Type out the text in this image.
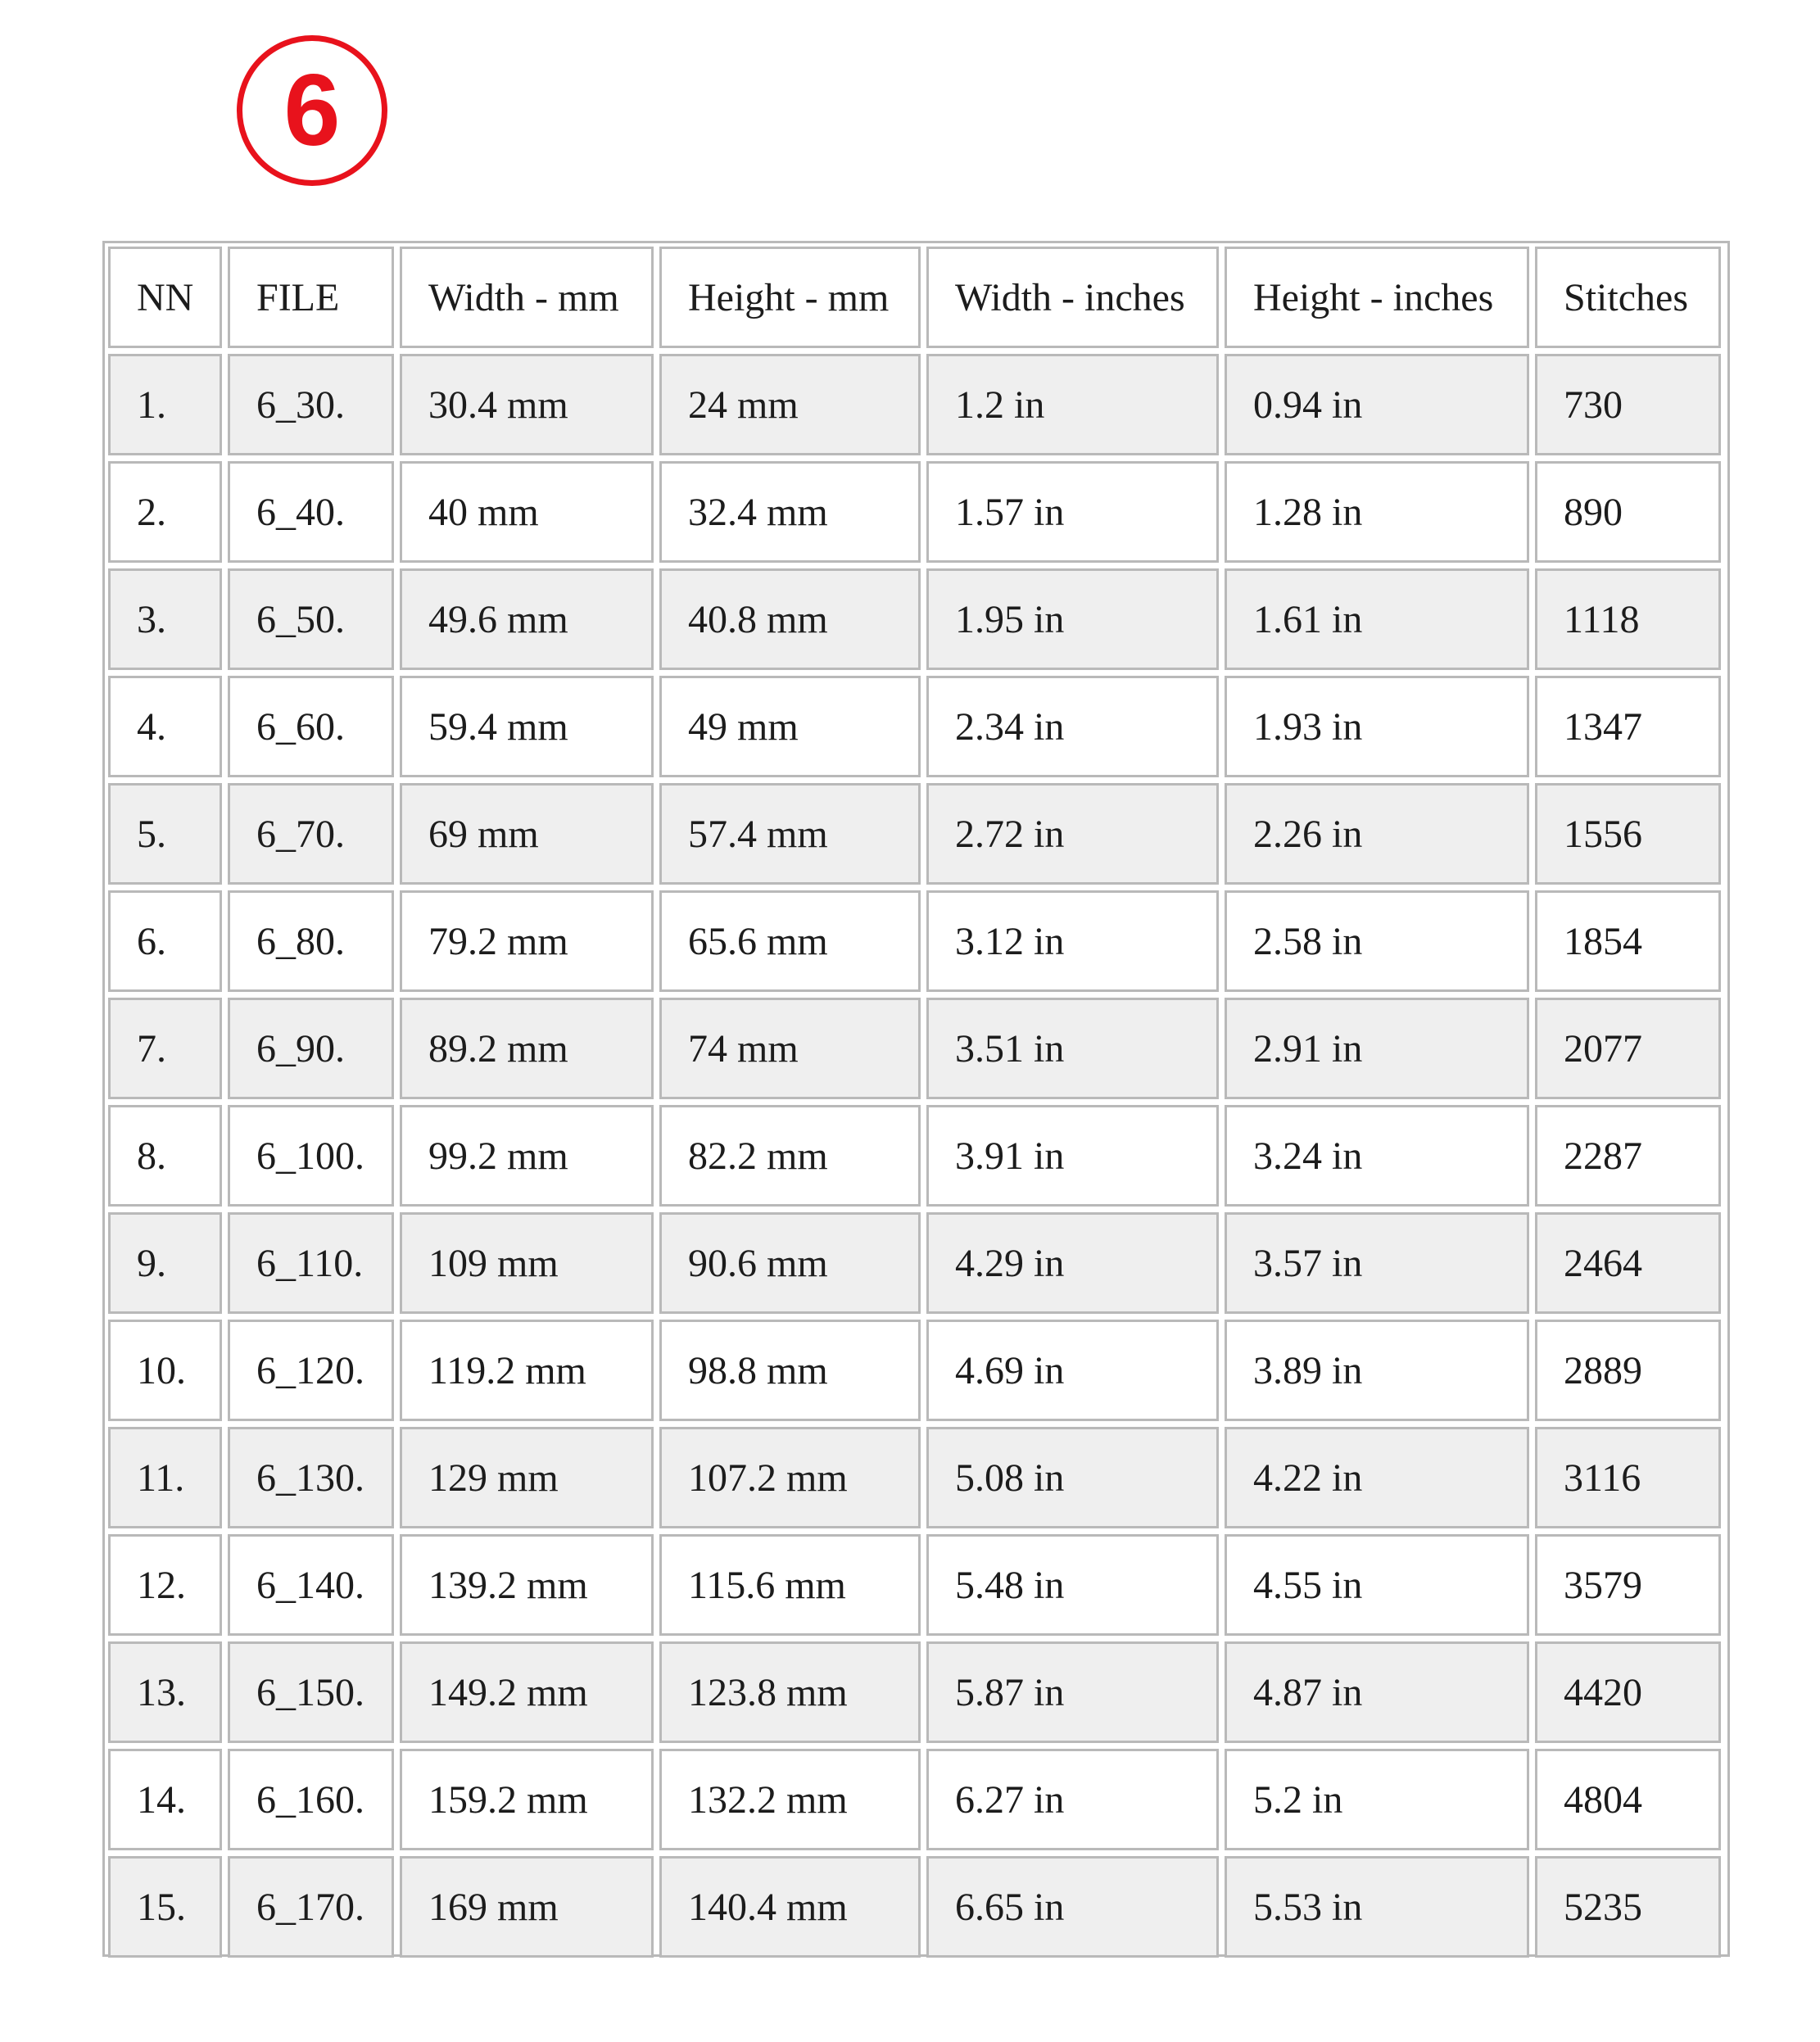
6
NN	FILE	Width - mm	Height - mm	Width - inches	Height - inches	Stitches
1.	6_30.	30.4 mm	24 mm	1.2 in	0.94 in	730
2.	6_40.	40 mm	32.4 mm	1.57 in	1.28 in	890
3.	6_50.	49.6 mm	40.8 mm	1.95 in	1.61 in	1118
4.	6_60.	59.4 mm	49 mm	2.34 in	1.93 in	1347
5.	6_70.	69 mm	57.4 mm	2.72 in	2.26 in	1556
6.	6_80.	79.2 mm	65.6 mm	3.12 in	2.58 in	1854
7.	6_90.	89.2 mm	74 mm	3.51 in	2.91 in	2077
8.	6_100.	99.2 mm	82.2 mm	3.91 in	3.24 in	2287
9.	6_110.	109 mm	90.6 mm	4.29 in	3.57 in	2464
10.	6_120.	119.2 mm	98.8 mm	4.69 in	3.89 in	2889
11.	6_130.	129 mm	107.2 mm	5.08 in	4.22 in	3116
12.	6_140.	139.2 mm	115.6 mm	5.48 in	4.55 in	3579
13.	6_150.	149.2 mm	123.8 mm	5.87 in	4.87 in	4420
14.	6_160.	159.2 mm	132.2 mm	6.27 in	5.2 in	4804
15.	6_170.	169 mm	140.4 mm	6.65 in	5.53 in	5235
